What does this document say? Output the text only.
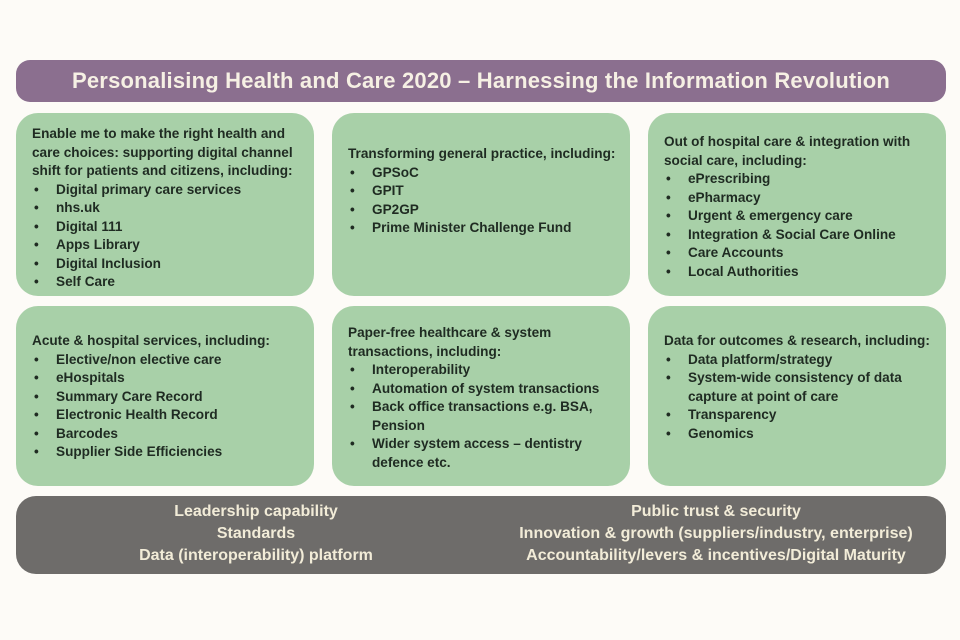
Personalising Health and Care 2020 – Harnessing the Information Revolution

Enable me to make the right health and care choices: supporting digital channel shift for patients and citizens, including:

• Digital primary care services
• nhs.uk
• Digital 111
• Apps Library
• Digital Inclusion
• Self Care

Transforming general practice, including:

• GPSoC
• GPIT
• GP2GP
• Prime Minister Challenge Fund

Out of hospital care & integration with social care, including:

• ePrescribing
• ePharmacy
• Urgent & emergency care
• Integration & Social Care Online
• Care Accounts
• Local Authorities

Acute & hospital services, including:

• Elective/non elective care
• eHospitals
• Summary Care Record
• Electronic Health Record
• Barcodes
• Supplier Side Efficiencies

Paper-free healthcare & system transactions, including:

• Interoperability
• Automation of system transactions
• Back office transactions e.g. BSA, Pension
• Wider system access – dentistry defence etc.

Data for outcomes & research, including:

• Data platform/strategy
• System-wide consistency of data capture at point of care
• Transparency
• Genomics
Leadership capability
Standards
Data (interoperability) platform
Public trust & security
Innovation & growth (suppliers/industry, enterprise)
Accountability/levers & incentives/Digital Maturity
